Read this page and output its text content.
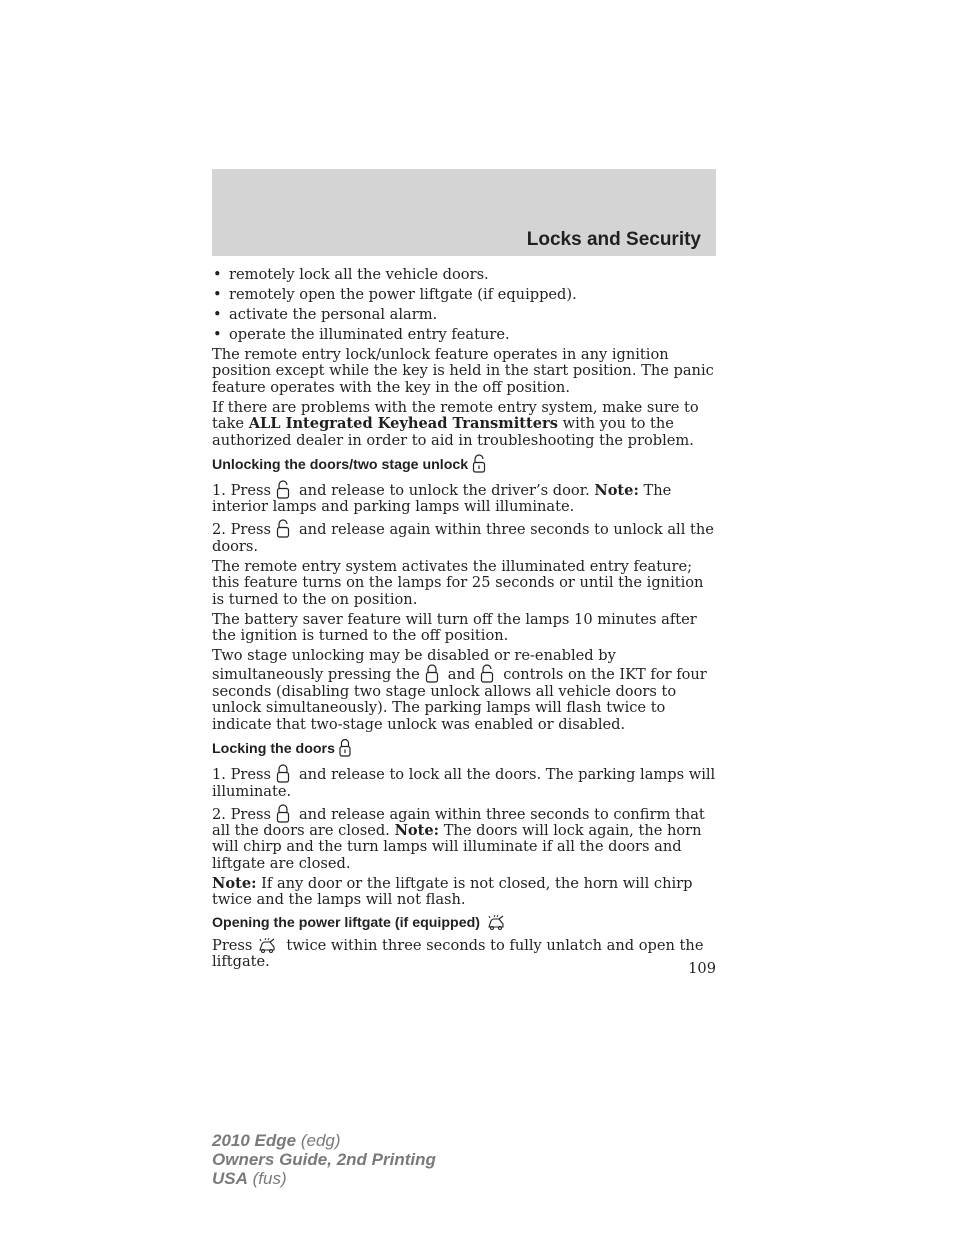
Locks and Security
• remotely lock all the vehicle doors.
• remotely open the power liftgate (if equipped).
• activate the personal alarm.
• operate the illuminated entry feature.

The remote entry lock/unlock feature operates in any ignition position except while the key is held in the start position. The panic feature operates with the key in the off position.

If there are problems with the remote entry system, make sure to take ALL Integrated Keyhead Transmitters with you to the authorized dealer in order to aid in troubleshooting the problem.

Unlocking the doors/two stage unlock

1. Press and release to unlock the driver’s door. Note: The interior lamps and parking lamps will illuminate.

2. Press and release again within three seconds to unlock all the doors.

The remote entry system activates the illuminated entry feature; this feature turns on the lamps for 25 seconds or until the ignition is turned to the on position.

The battery saver feature will turn off the lamps 10 minutes after the ignition is turned to the off position.

Two stage unlocking may be disabled or re-enabled by simultaneously pressing the and controls on the IKT for four seconds (disabling two stage unlock allows all vehicle doors to unlock simultaneously). The parking lamps will flash twice to indicate that two-stage unlock was enabled or disabled.

Locking the doors

1. Press and release to lock all the doors. The parking lamps will illuminate.

2. Press and release again within three seconds to confirm that all the doors are closed. Note: The doors will lock again, the horn will chirp and the turn lamps will illuminate if all the doors and liftgate are closed.

Note: If any door or the liftgate is not closed, the horn will chirp twice and the lamps will not flash.

Opening the power liftgate (if equipped)

Press twice within three seconds to fully unlatch and open the liftgate.	109
2010 Edge (edg)
Owners Guide, 2nd Printing
USA (fus)
